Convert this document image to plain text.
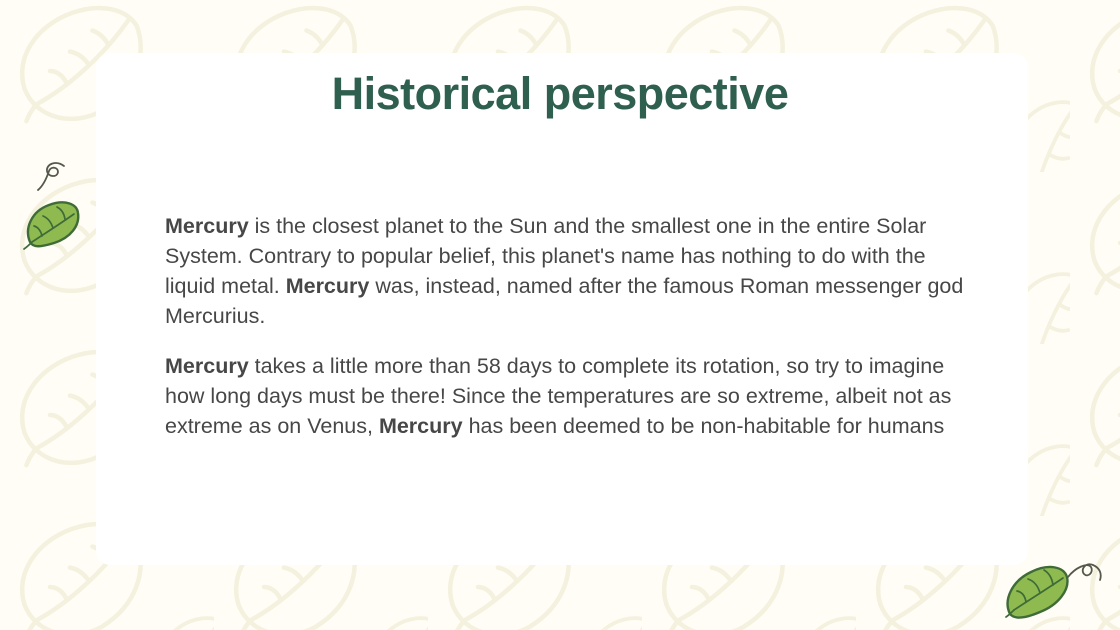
Historical perspective

Mercury is the closest planet to the Sun and the smallest one in the entire Solar System. Contrary to popular belief, this planet's name has nothing to do with the liquid metal. Mercury was, instead, named after the famous Roman messenger god Mercurius.

Mercury takes a little more than 58 days to complete its rotation, so try to imagine how long days must be there! Since the temperatures are so extreme, albeit not as extreme as on Venus, Mercury has been deemed to be non-habitable for humans
